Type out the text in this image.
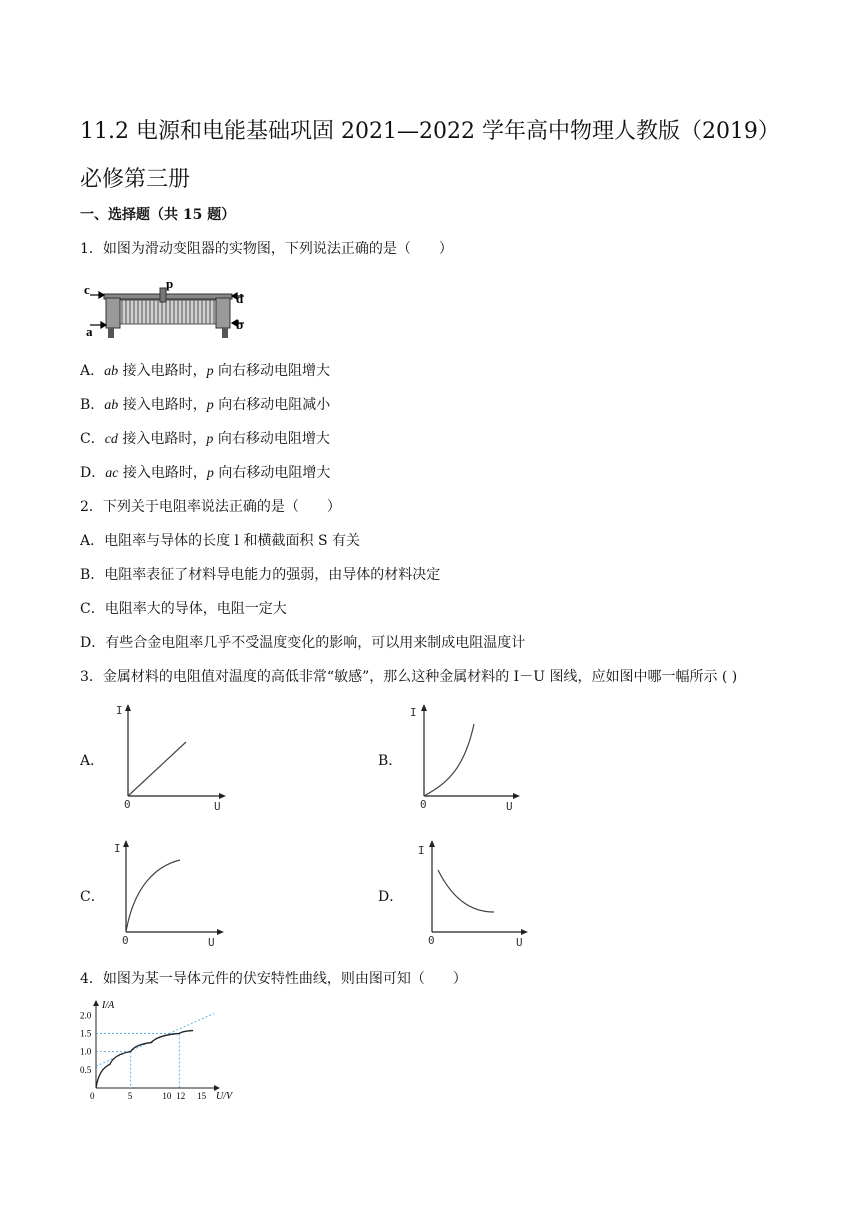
11.2 电源和电能基础巩固 2021—2022 学年高中物理人教版（2019）必修第三册
一、选择题（共 15 题）
1．如图为滑动变阻器的实物图，下列说法正确的是（　　）
c	p
d
a	b
A．ab 接入电路时，p 向右移动电阻增大
B．ab 接入电路时，p 向右移动电阻减小
C．cd 接入电路时，p 向右移动电阻增大
D．ac 接入电路时，p 向右移动电阻增大
2．下列关于电阻率说法正确的是（　　）
A．电阻率与导体的长度 l 和横截面积 S 有关
B．电阻率表征了材料导电能力的强弱，由导体的材料决定
C．电阻率大的导体，电阻一定大
D．有些合金电阻率几乎不受温度变化的影响，可以用来制成电阻温度计
3．金属材料的电阻值对温度的高低非常“敏感”，那么这种金属材料的 I－U 图线，应如图中哪一幅所示 ( )
A．
I
0	U
B．
I
0	U
C．
I
0	U
D．
I
0	U
4．如图为某一导体元件的伏安特性曲线，则由图可知（　　）
I/A
U/V
2.0
1.5
1.0
0.5
0	5	10 12 15
